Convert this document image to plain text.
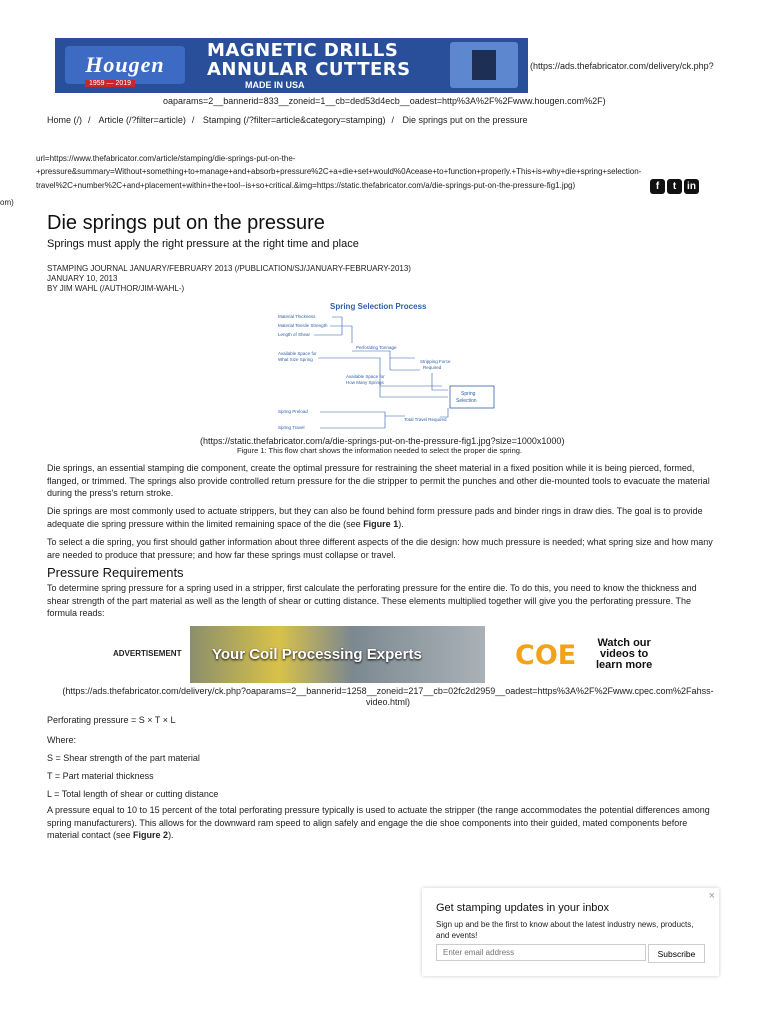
Hougen
1959 — 2019
MAGNETIC DRILLS
ANNULAR CUTTERS
MADE IN USA
(https://ads.thefabricator.com/delivery/ck.php?
oaparams=2__bannerid=833__zoneid=1__cb=ded53d4ecb__oadest=http%3A%2F%2Fwww.hougen.com%2F)
Home (/) / Article (/?filter=article) / Stamping (/?filter=article&category=stamping) / Die springs put on the pressure
url=https://www.thefabricator.com/article/stamping/die-springs-put-on-the-
+pressure&summary=Without+something+to+manage+and+absorb+pressure%2C+a+die+set+would%0Acease+to+function+properly.+This+is+why+die+spring+selection-
travel%2C+number%2C+and+placement+within+the+tool--is+so+critical.&img=https://static.thefabricator.com/a/die-springs-put-on-the-pressure-fig1.jpg)
om)
f t in
Die springs put on the pressure
Springs must apply the right pressure at the right time and place
STAMPING JOURNAL JANUARY/FEBRUARY 2013 (/PUBLICATION/SJ/JANUARY-FEBRUARY-2013)
JANUARY 10, 2013
BY JIM WAHL (/AUTHOR/JIM-WAHL-)
Spring Selection Process
Material Thickness
Material Tensile Strength
Length of Shear
Perforating Tonnage
Available Space for
What Size Spring	Stripping Force
Required
Available Space for
How Many Springs
Spring Preload
Spring Travel
Total Travel Required
Spring
Selection
(https://static.thefabricator.com/a/die-springs-put-on-the-pressure-fig1.jpg?size=1000x1000)
Figure 1: This flow chart shows the information needed to select the proper die spring.
Die springs, an essential stamping die component, create the optimal pressure for restraining the sheet material in a fixed position while it is being pierced, formed, flanged, or trimmed. The springs also provide controlled return pressure for the die stripper to permit the punches and other die-mounted tools to evacuate the material during the press's return stroke.
Die springs are most commonly used to actuate strippers, but they can also be found behind form pressure pads and binder rings in draw dies. The goal is to provide adequate die spring pressure within the limited remaining space of the die (see Figure 1).
To select a die spring, you first should gather information about three different aspects of the die design: how much pressure is needed; what spring size and how many are needed to produce that pressure; and how far these springs must collapse or travel.
Pressure Requirements
To determine spring pressure for a spring used in a stripper, first calculate the perforating pressure for the entire die. To do this, you need to know the thickness and shear strength of the part material as well as the length of shear or cutting distance. These elements multiplied together will give you the perforating pressure. The formula reads:
ADVERTISEMENT Your Coil Processing Experts	COE Watch our
videos to
learn more
(https://ads.thefabricator.com/delivery/ck.php?oaparams=2__bannerid=1258__zoneid=217__cb=02fc2d2959__oadest=https%3A%2F%2Fwww.cpec.com%2Fahss-video.html)
Perforating pressure = S × T × L
Where:
S = Shear strength of the part material
T = Part material thickness
L = Total length of shear or cutting distance
A pressure equal to 10 to 15 percent of the total perforating pressure typically is used to actuate the stripper (the range accommodates the potential differences among spring manufacturers). This allows for the downward ram speed to align safely and engage the die shoe components into their guided, mated components before material contact (see Figure 2).
×
Get stamping updates in your inbox
Sign up and be the first to know about the latest industry news, products, and events!
Enter email address
Subscribe
